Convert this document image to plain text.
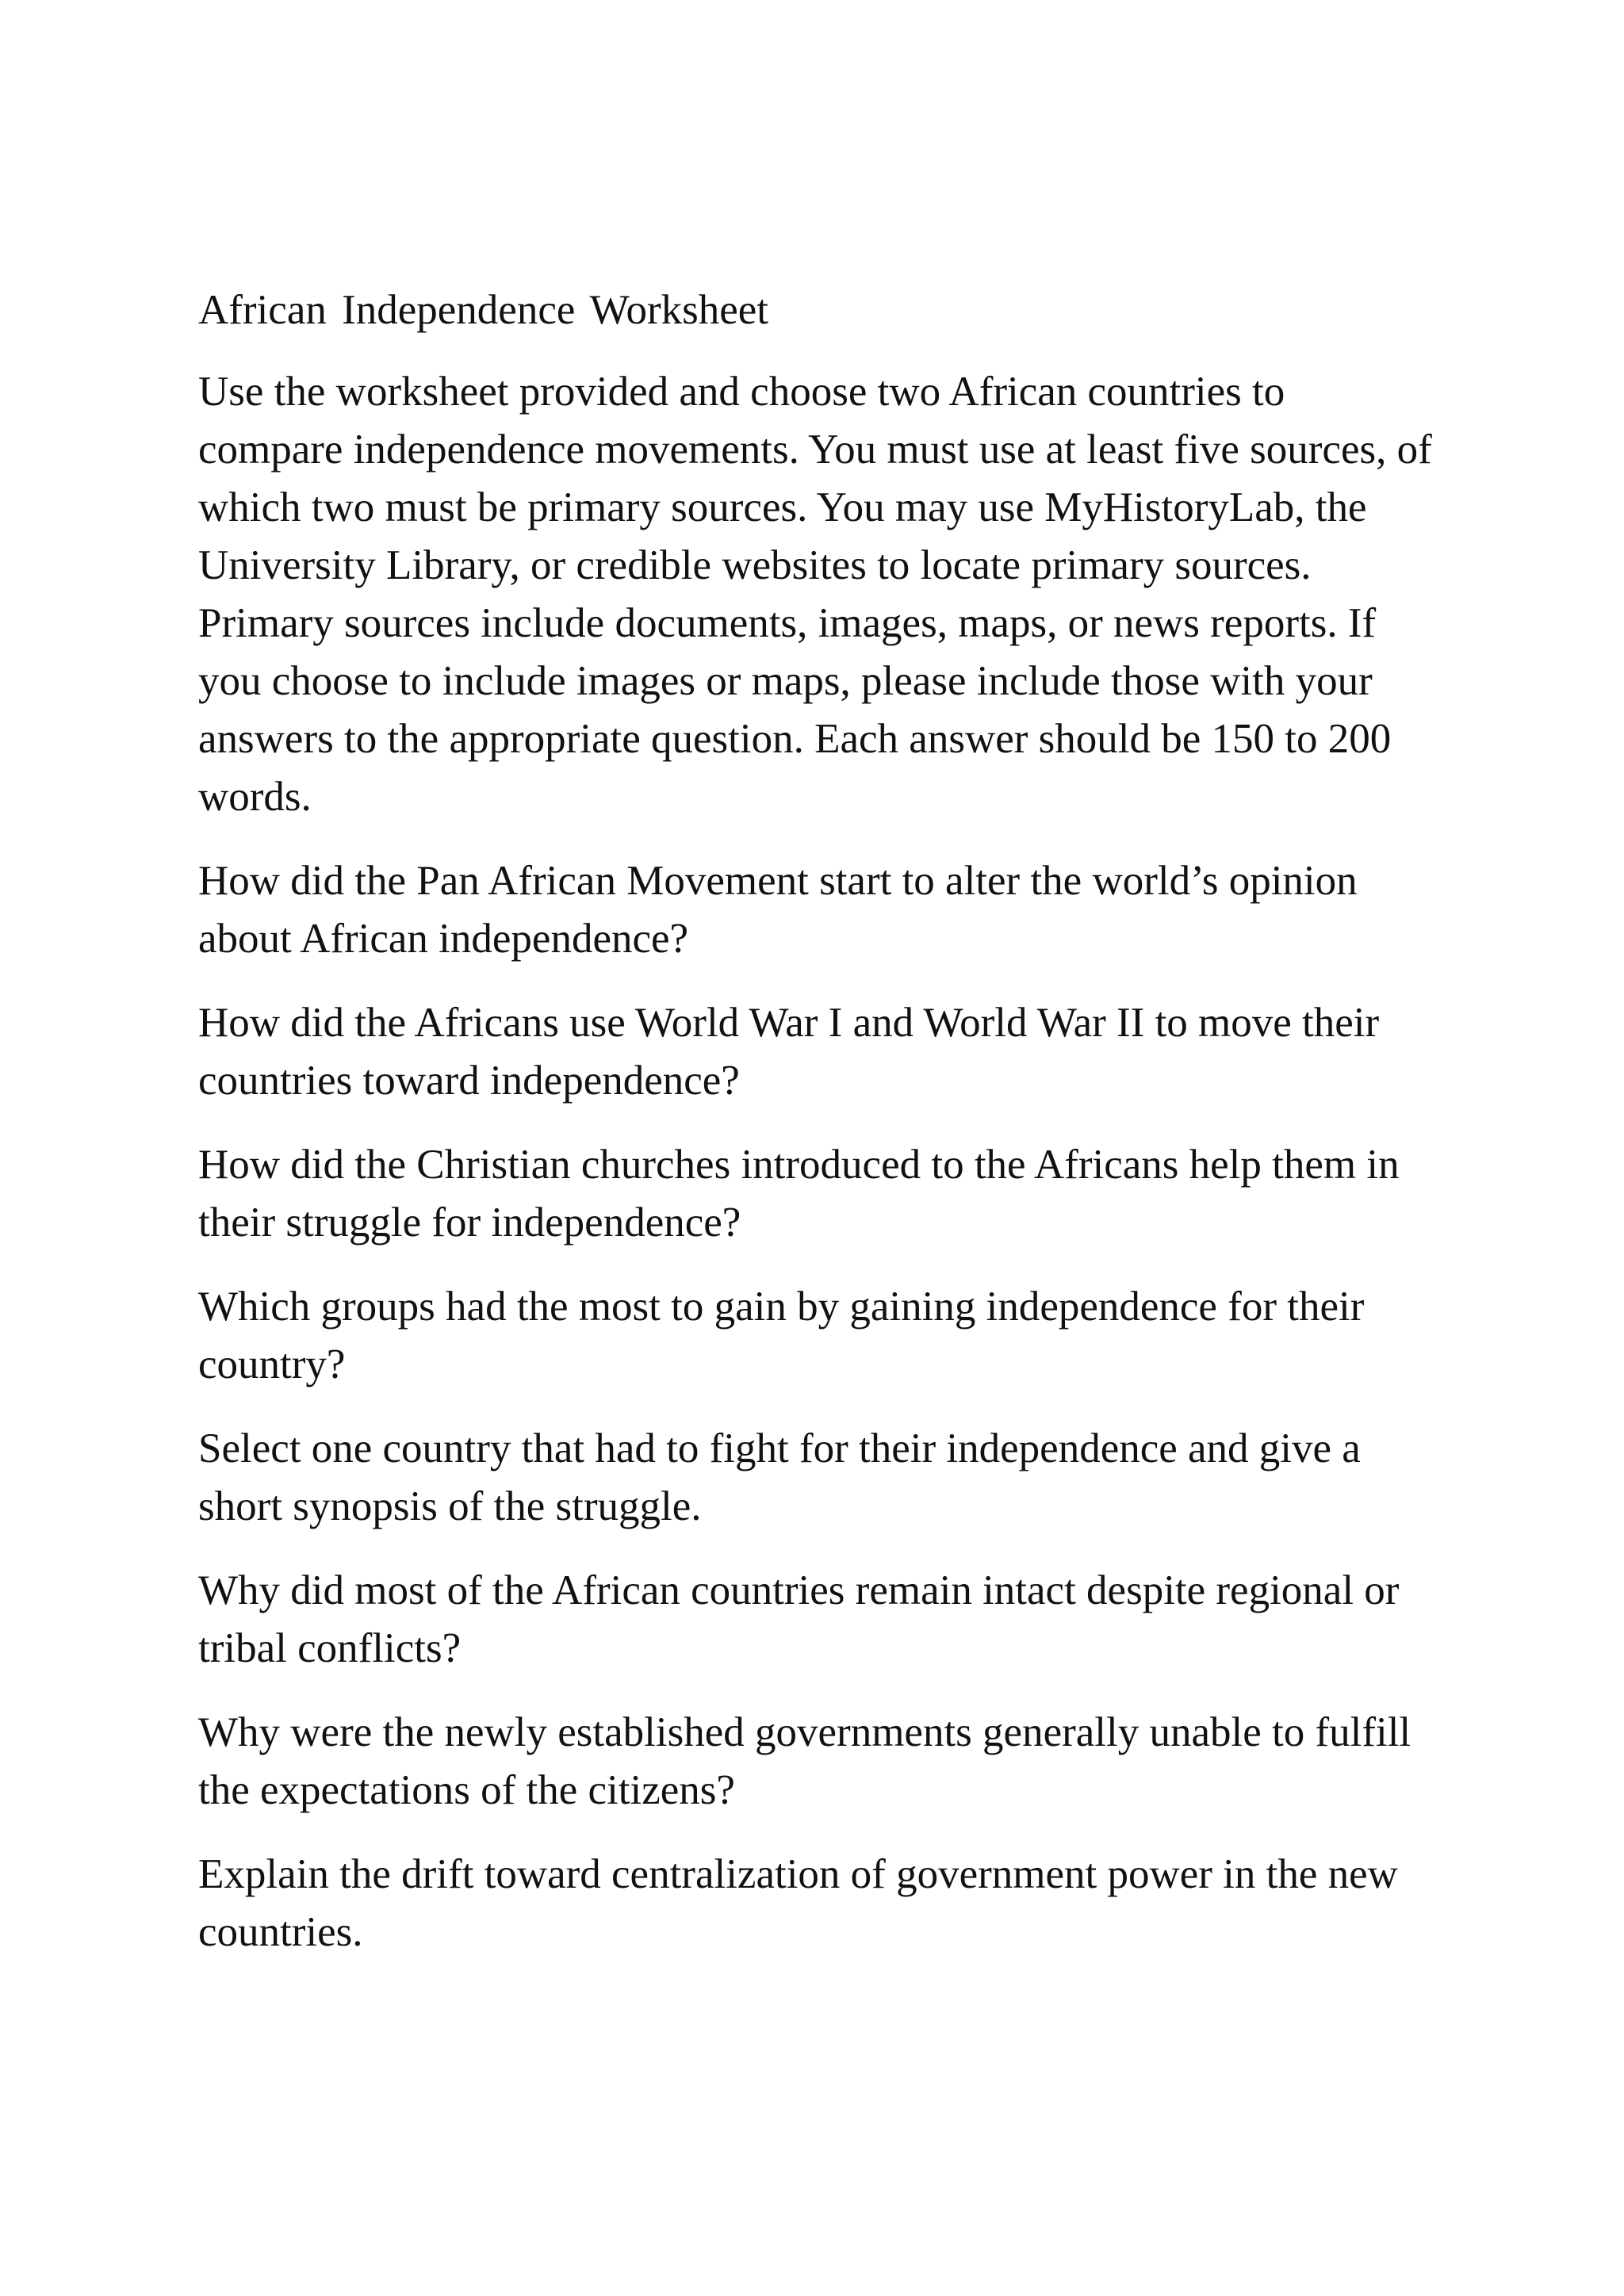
African Independence Worksheet

Use the worksheet provided and choose two African countries to compare independence movements. You must use at least five sources, of which two must be primary sources. You may use MyHistoryLab, the University Library, or credible websites to locate primary sources. Primary sources include documents, images, maps, or news reports. If you choose to include images or maps, please include those with your answers to the appropriate question. Each answer should be 150 to 200 words.

How did the Pan African Movement start to alter the world’s opinion about African independence?

How did the Africans use World War I and World War II to move their countries toward independence?

How did the Christian churches introduced to the Africans help them in their struggle for independence?

Which groups had the most to gain by gaining independence for their country?

Select one country that had to fight for their independence and give a short synopsis of the struggle.

Why did most of the African countries remain intact despite regional or tribal conflicts?

Why were the newly established governments generally unable to fulfill the expectations of the citizens?

Explain the drift toward centralization of government power in the new countries.
